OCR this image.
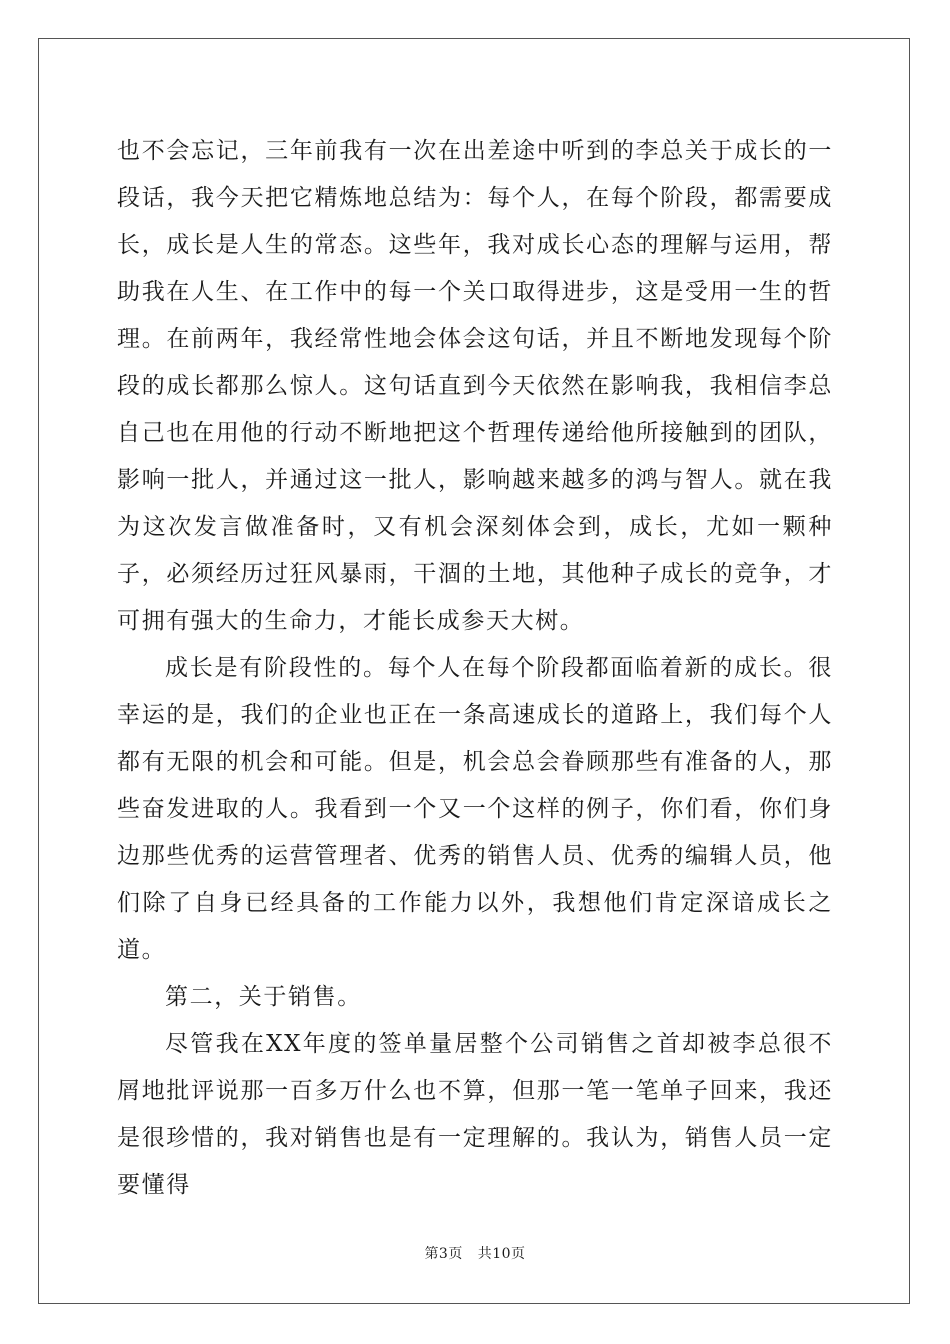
也不会忘记，三年前我有一次在出差途中听到的李总关于成长的一段话，我今天把它精炼地总结为：每个人，在每个阶段，都需要成长，成长是人生的常态。这些年，我对成长心态的理解与运用，帮助我在人生、在工作中的每一个关口取得进步，这是受用一生的哲理。在前两年，我经常性地会体会这句话，并且不断地发现每个阶段的成长都那么惊人。这句话直到今天依然在影响我，我相信李总自己也在用他的行动不断地把这个哲理传递给他所接触到的团队，影响一批人，并通过这一批人，影响越来越多的鸿与智人。就在我为这次发言做准备时，又有机会深刻体会到，成长，尤如一颗种子，必须经历过狂风暴雨，干涸的土地，其他种子成长的竞争，才可拥有强大的生命力，才能长成参天大树。

成长是有阶段性的。每个人在每个阶段都面临着新的成长。很幸运的是，我们的企业也正在一条高速成长的道路上，我们每个人都有无限的机会和可能。但是，机会总会眷顾那些有准备的人，那些奋发进取的人。我看到一个又一个这样的例子，你们看，你们身边那些优秀的运营管理者、优秀的销售人员、优秀的编辑人员，他们除了自身已经具备的工作能力以外，我想他们肯定深谙成长之道。

第二，关于销售。

尽管我在XX年度的签单量居整个公司销售之首却被李总很不屑地批评说那一百多万什么也不算，但那一笔一笔单子回来，我还是很珍惜的，我对销售也是有一定理解的。我认为，销售人员一定要懂得

第3页 共10页
